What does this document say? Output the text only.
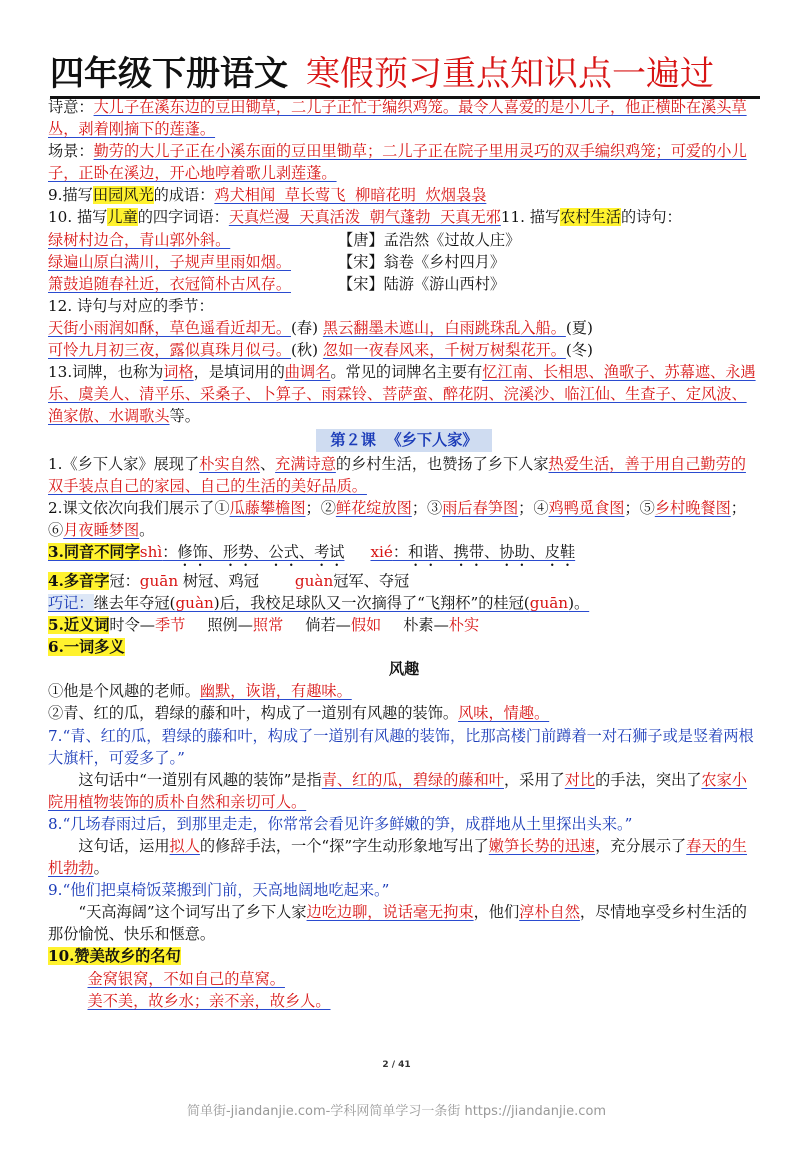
四年级下册语文 寒假预习重点知识点一遍过

诗意：大儿子在溪东边的豆田锄草，二儿子正忙于编织鸡笼。最令人喜爱的是小儿子，他正横卧在溪头草丛，剥着刚摘下的莲蓬。

场景：勤劳的大儿子正在小溪东面的豆田里锄草；二儿子正在院子里用灵巧的双手编织鸡笼；可爱的小儿子，正卧在溪边，开心地哼着歌儿剥莲蓬。

9.描写田园风光的成语：鸡犬相闻  草长莺飞  柳暗花明  炊烟袅袅

10. 描写儿童的四字词语：天真烂漫  天真活泼  朝气蓬勃  天真无邪11. 描写农村生活的诗句：

绿树村边合，青山郭外斜。	【唐】孟浩然《过故人庄》

绿遍山原白满川，子规声里雨如烟。	【宋】翁卷《乡村四月》

箫鼓追随春社近，衣冠简朴古风存。	【宋】陆游《游山西村》

12. 诗句与对应的季节：

天街小雨润如酥，草色遥看近却无。(春) 黑云翻墨未遮山，白雨跳珠乱入船。(夏)

可怜九月初三夜，露似真珠月似弓。(秋) 忽如一夜春风来，千树万树梨花开。(冬)

13.词牌，也称为词格，是填词用的曲调名。常见的词牌名主要有忆江南、长相思、渔歌子、苏幕遮、永遇乐、虞美人、清平乐、采桑子、卜算子、雨霖铃、菩萨蛮、醉花阴、浣溪沙、临江仙、生查子、定风波、渔家傲、水调歌头等。

第２课  《乡下人家》

1.《乡下人家》展现了朴实自然、充满诗意的乡村生活，也赞扬了乡下人家热爱生活，善于用自己勤劳的双手装点自己的家园、自己的生活的美好品质。

2.课文依次向我们展示了①瓜藤攀檐图；②鲜花绽放图；③雨后春笋图；④鸡鸭觅食图；⑤乡村晚餐图；⑥月夜睡梦图。

3.同音不同字shì：修饰、形势、公式、考试 xié：和谐、携带、协助、皮鞋

4.多音字冠：guān 树冠、鸡冠 guàn冠军、夺冠

巧记：继去年夺冠(guàn)后，我校足球队又一次摘得了“飞翔杯”的桂冠(guān)。

5.近义词时令—季节 照例—照常 倘若—假如 朴素—朴实

6.一词多义

风趣

①他是个风趣的老师。幽默，诙谐，有趣味。

②青、红的瓜，碧绿的藤和叶，构成了一道别有风趣的装饰。风味，情趣。

7.“青、红的瓜，碧绿的藤和叶，构成了一道别有风趣的装饰，比那高楼门前蹲着一对石狮子或是竖着两根大旗杆，可爱多了。”

这句话中“一道别有风趣的装饰”是指青、红的瓜，碧绿的藤和叶，采用了对比的手法，突出了农家小院用植物装饰的质朴自然和亲切可人。

8.“几场春雨过后，到那里走走，你常常会看见许多鲜嫩的笋，成群地从土里探出头来。”

这句话，运用拟人的修辞手法，一个“探”字生动形象地写出了嫩笋长势的迅速，充分展示了春天的生机勃勃。

9.“他们把桌椅饭菜搬到门前，天高地阔地吃起来。”

“天高海阔”这个词写出了乡下人家边吃边聊，说话毫无拘束，他们淳朴自然，尽情地享受乡村生活的那份愉悦、快乐和惬意。

10.赞美故乡的名句

金窝银窝，不如自己的草窝。

美不美，故乡水；亲不亲，故乡人。

2 / 41
简单街-jiandanjie.com-学科网简单学习一条街 https://jiandanjie.com
